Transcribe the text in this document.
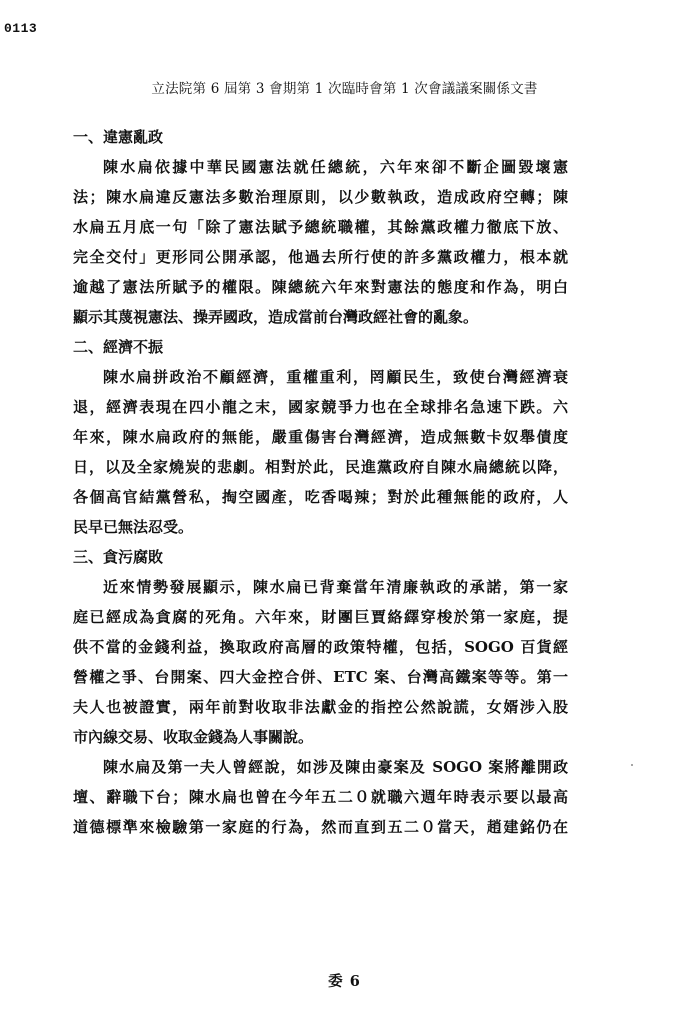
0113
立法院第 6 屆第 3 會期第 1 次臨時會第 1 次會議議案關係文書
一、違憲亂政
陳水扁依據中華民國憲法就任總統，六年來卻不斷企圖毀壞憲
法；陳水扁違反憲法多數治理原則，以少數執政，造成政府空轉；陳
水扁五月底一句「除了憲法賦予總統職權，其餘黨政權力徹底下放、
完全交付」更形同公開承認，他過去所行使的許多黨政權力，根本就
逾越了憲法所賦予的權限。陳總統六年來對憲法的態度和作為，明白
顯示其蔑視憲法、操弄國政，造成當前台灣政經社會的亂象。
二、經濟不振
陳水扁拼政治不顧經濟，重權重利，罔顧民生，致使台灣經濟衰
退，經濟表現在四小龍之末，國家競爭力也在全球排名急速下跌。六
年來，陳水扁政府的無能，嚴重傷害台灣經濟，造成無數卡奴舉債度
日，以及全家燒炭的悲劇。相對於此，民進黨政府自陳水扁總統以降，
各個高官結黨營私，掏空國產，吃香喝辣；對於此種無能的政府，人
民早已無法忍受。
三、貪污腐敗
近來情勢發展顯示，陳水扁已背棄當年清廉執政的承諾，第一家
庭已經成為貪腐的死角。六年來，財團巨賈絡繹穿梭於第一家庭，提
供不當的金錢利益，換取政府高層的政策特權，包括，SOGO 百貨經
營權之爭、台開案、四大金控合併、ETC 案、台灣高鐵案等等。第一
夫人也被證實，兩年前對收取非法獻金的指控公然說謊，女婿涉入股
市內線交易、收取金錢為人事關說。
陳水扁及第一夫人曾經說，如涉及陳由豪案及 SOGO 案將離開政
壇、辭職下台；陳水扁也曾在今年五二０就職六週年時表示要以最高
道德標準來檢驗第一家庭的行為，然而直到五二０當天，趙建銘仍在
委 6
